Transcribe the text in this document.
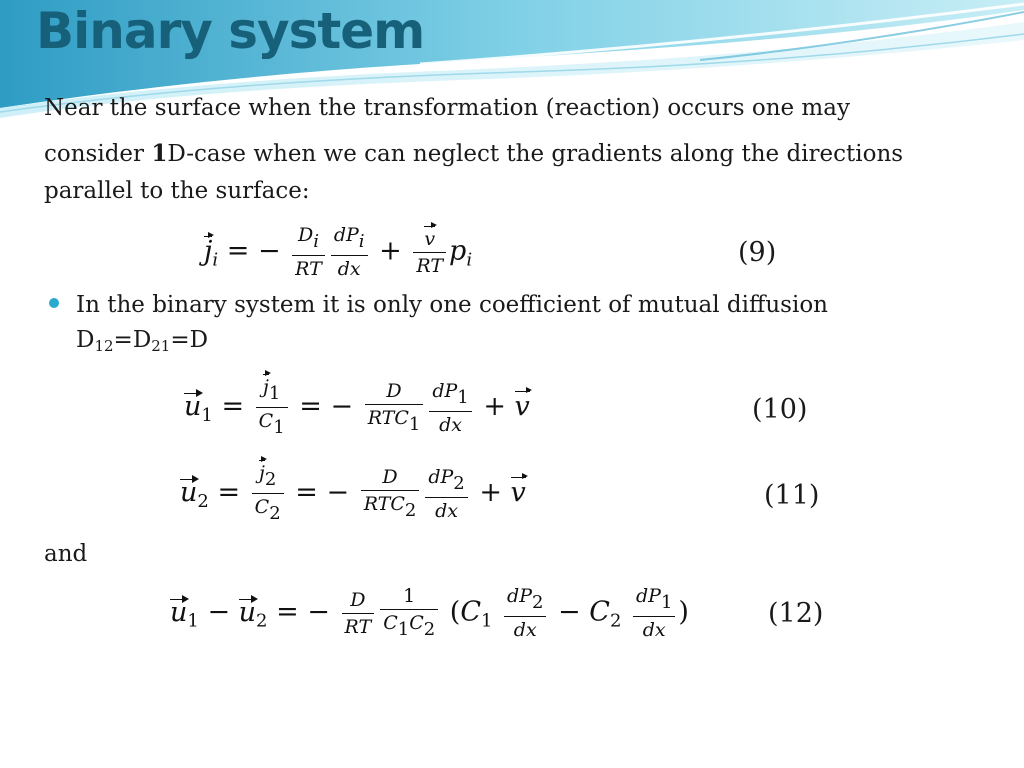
Binary system

Near the surface when the transformation (reaction) occurs one may

consider 1D-case when we can neglect the gradients along the directions

parallel to the surface:

$j_i$ = − $\frac{Di}{RT} \frac{\text{dPi}}{dx} + \frac{v}{RT} p_i$	(9)
In the binary system it is only one coefficient of mutual diffusion
$D_{12}=D_{21}=D$
$u_1 = \frac{j1}{C1}$ = − $\frac{D}{\text{RTC1}} \frac{dP1}{dx} + v$	(10)
$u_2 = \frac{j2}{C2}$ = − $\frac{D}{\text{RTC2}} \frac{dP2}{dx} + v$	(11)

and

$u_1 - u_2$ = − $\frac{D}{RT} \frac{1}{C1C2} (C_1 \frac{dP2}{dx} - C_2 \frac{dP1}{dx}$ )	(12)
